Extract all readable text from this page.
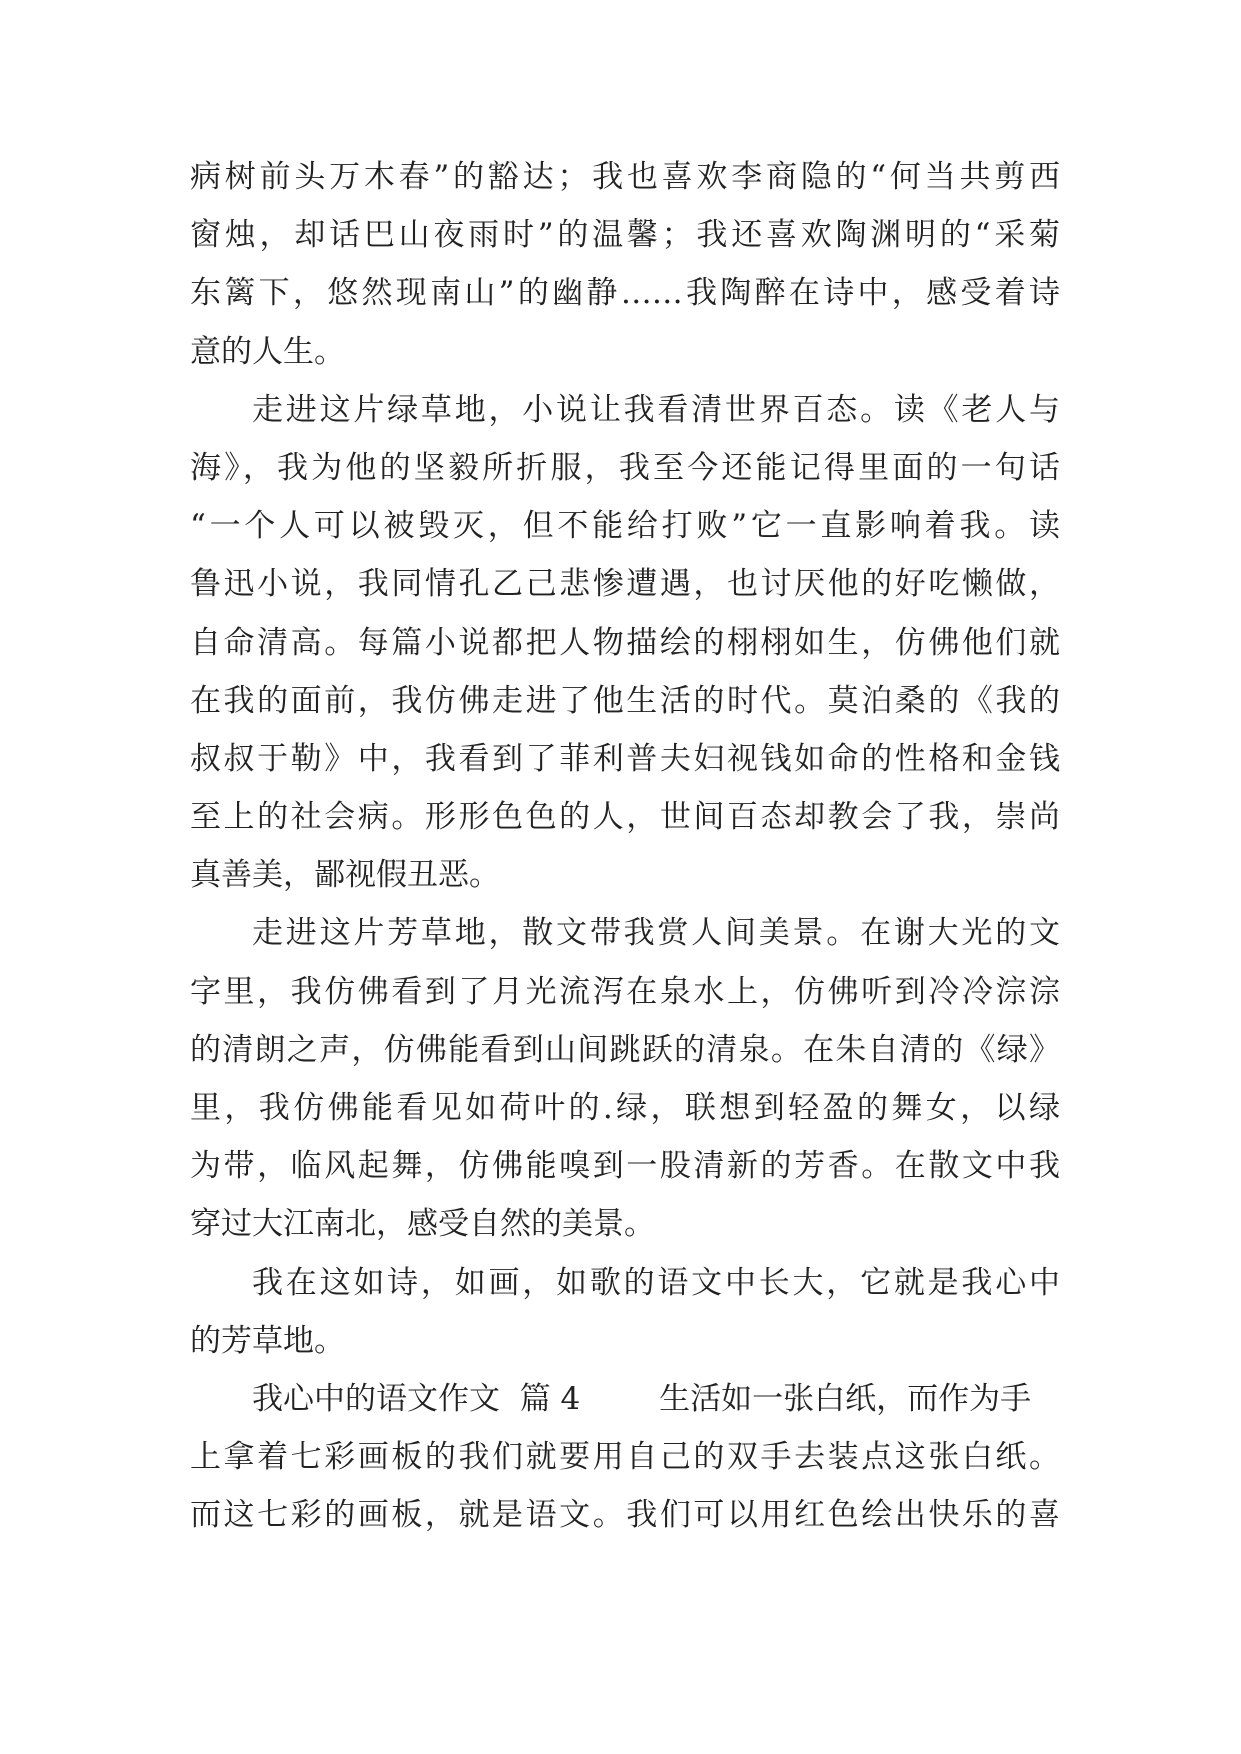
病树前头万木春”的豁达；我也喜欢李商隐的“何当共剪西
窗烛，却话巴山夜雨时”的温馨；我还喜欢陶渊明的“采菊
东篱下，悠然现南山”的幽静……我陶醉在诗中，感受着诗
意的人生。
走进这片绿草地，小说让我看清世界百态。读《老人与
海》，我为他的坚毅所折服，我至今还能记得里面的一句话
“一个人可以被毁灭，但不能给打败”它一直影响着我。读
鲁迅小说，我同情孔乙己悲惨遭遇，也讨厌他的好吃懒做，
自命清高。每篇小说都把人物描绘的栩栩如生，仿佛他们就
在我的面前，我仿佛走进了他生活的时代。莫泊桑的《我的
叔叔于勒》中，我看到了菲利普夫妇视钱如命的性格和金钱
至上的社会病。形形色色的人，世间百态却教会了我，崇尚
真善美，鄙视假丑恶。
走进这片芳草地，散文带我赏人间美景。在谢大光的文
字里，我仿佛看到了月光流泻在泉水上，仿佛听到冷冷淙淙
的清朗之声，仿佛能看到山间跳跃的清泉。在朱自清的《绿》
里，我仿佛能看见如荷叶的.绿，联想到轻盈的舞女，以绿
为带，临风起舞，仿佛能嗅到一股清新的芳香。在散文中我
穿过大江南北，感受自然的美景。
我在这如诗，如画，如歌的语文中长大，它就是我心中
的芳草地。
我心中的语文作文  篇 4        生活如一张白纸，而作为手
上拿着七彩画板的我们就要用自己的双手去装点这张白纸。
而这七彩的画板，就是语文。我们可以用红色绘出快乐的喜
